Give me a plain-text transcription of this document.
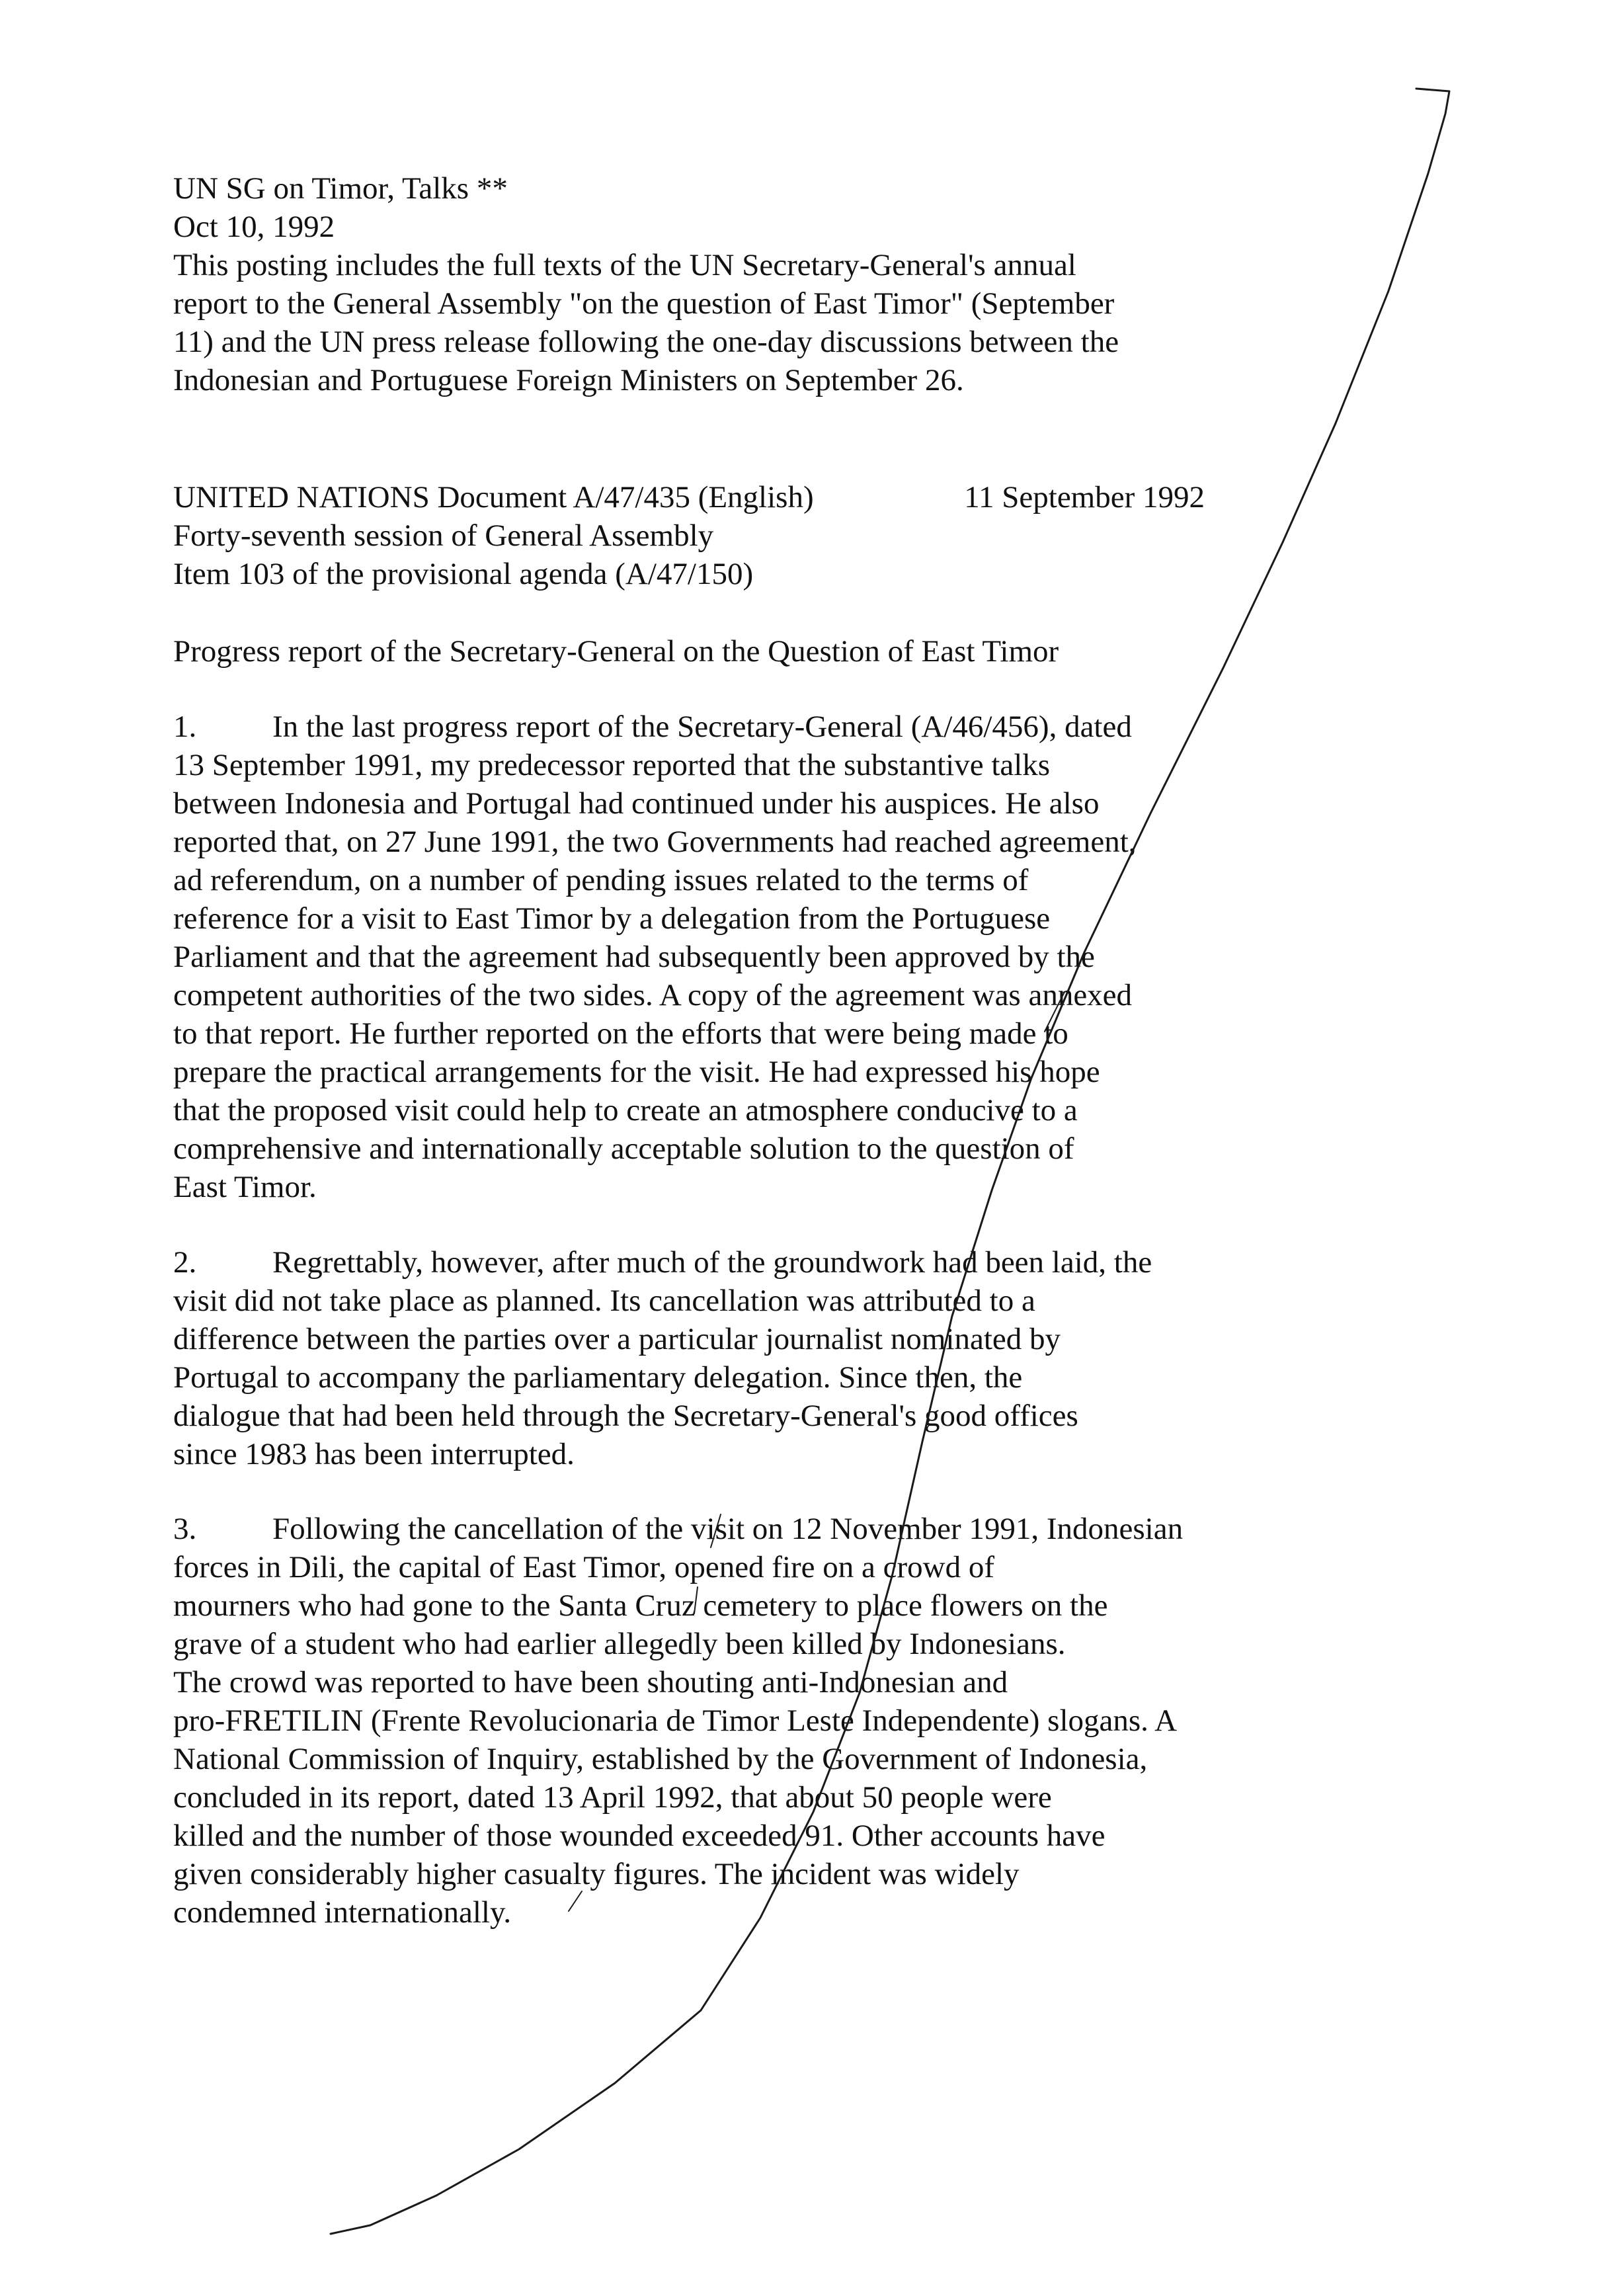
UN SG on Timor, Talks **
Oct 10, 1992
This posting includes the full texts of the UN Secretary-General's annual
report to the General Assembly "on the question of East Timor" (September
11) and the UN press release following the one-day discussions between the
Indonesian and Portuguese Foreign Ministers on September 26.
UNITED NATIONS Document A/47/435 (English)	11 September 1992
Forty-seventh session of General Assembly
Item 103 of the provisional agenda (A/47/150)
Progress report of the Secretary-General on the Question of East Timor
1. In the last progress report of the Secretary-General (A/46/456), dated
13 September 1991, my predecessor reported that the substantive talks
between Indonesia and Portugal had continued under his auspices. He also
reported that, on 27 June 1991, the two Governments had reached agreement,
ad referendum, on a number of pending issues related to the terms of
reference for a visit to East Timor by a delegation from the Portuguese
Parliament and that the agreement had subsequently been approved by the
competent authorities of the two sides. A copy of the agreement was annexed
to that report. He further reported on the efforts that were being made to
prepare the practical arrangements for the visit. He had expressed his hope
that the proposed visit could help to create an atmosphere conducive to a
comprehensive and internationally acceptable solution to the question of
East Timor.
2. Regrettably, however, after much of the groundwork had been laid, the
visit did not take place as planned. Its cancellation was attributed to a
difference between the parties over a particular journalist nominated by
Portugal to accompany the parliamentary delegation. Since then, the
dialogue that had been held through the Secretary-General's good offices
since 1983 has been interrupted.
3. Following the cancellation of the visit on 12 November 1991, Indonesian
forces in Dili, the capital of East Timor, opened fire on a crowd of
mourners who had gone to the Santa Cruz cemetery to place flowers on the
grave of a student who had earlier allegedly been killed by Indonesians.
The crowd was reported to have been shouting anti-Indonesian and
pro-FRETILIN (Frente Revolucionaria de Timor Leste Independente) slogans. A
National Commission of Inquiry, established by the Government of Indonesia,
concluded in its report, dated 13 April 1992, that about 50 people were
killed and the number of those wounded exceeded 91. Other accounts have
given considerably higher casualty figures. The incident was widely
condemned internationally.
